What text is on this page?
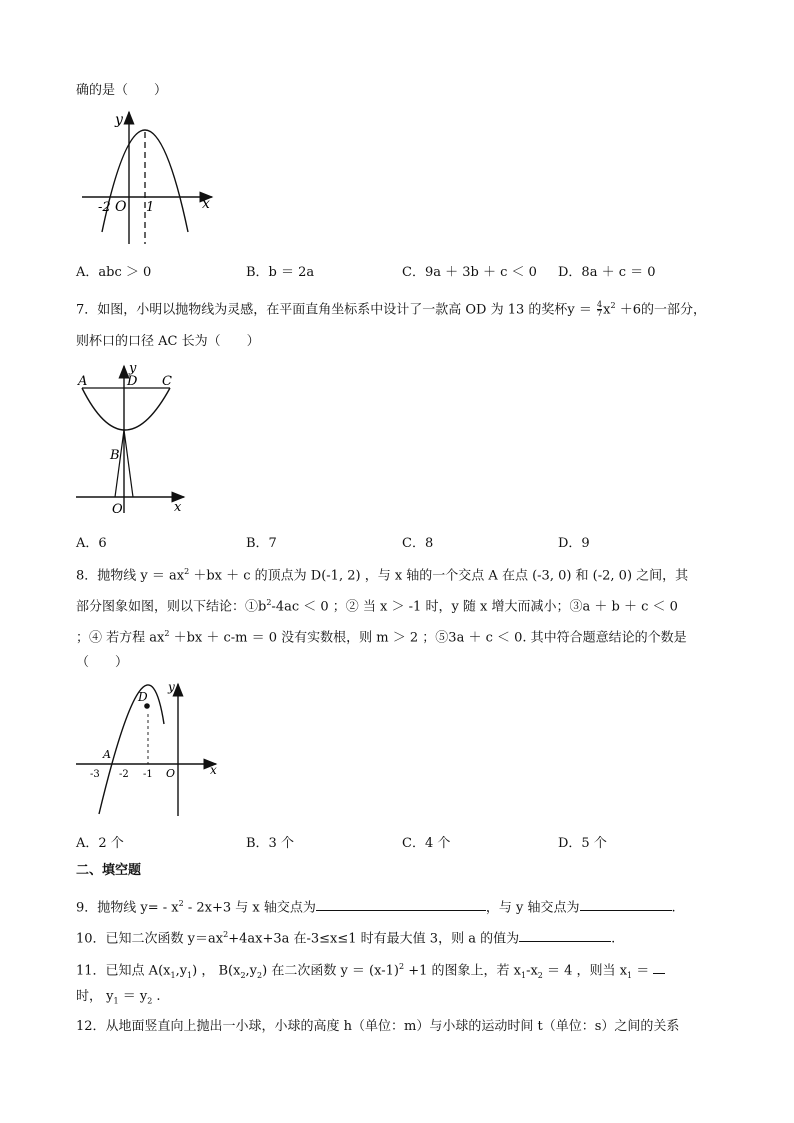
确的是（　　）
y
x
-2 O 1
A．abc ＞ 0	B．b ＝ 2a	C．9a ＋ 3b ＋ c ＜ 0 D．8a ＋ c ＝ 0
7．如图，小明以抛物线为灵感，在平面直角坐标系中设计了一款高 OD 为 13 的奖杯$y = \frac{4}{7} x^2 +6$的一部分，
则杯口的口径 AC 长为（　　）
y
A	D C
B
O	x
A．6	B．7	C．8	D．9
8．抛物线 $y = ax^2 +bx + c$ 的顶点为 D(-1, 2) ，与 x 轴的一个交点 A 在点 (-3, 0) 和 (-2, 0) 之间，其
部分图象如图，则以下结论：$①b^2-4ac < 0$ ；② 当 x ＞ -1 时，y 随 x 增大而减小；③a ＋ b ＋ c ＜ 0
；④ 若方程 $ax^2 +bx + c-m = 0$ 没有实数根，则 m ＞ 2 ；⑤3a ＋ c ＜ 0. 其中符合题意结论的个数是
（　　）
D
y
A
-3 -2 -1 O	x
A．2 个	B．3 个	C．4 个	D．5 个
二、填空题
9．抛物线 $y= - x^2 - 2x+3$ 与 x 轴交点为	，与 y 轴交点为	.
10．已知二次函数 $y=ax^2+4ax+3a$ 在-3≤x≤1 时有最大值 3，则 a 的值为	.
11．已知点 $A(x_1,y_1)$ ， $B(x_2,y_2)$ 在二次函数 $y = (x-1)^2 +1$ 的图象上，若 $x_1-x_2 = 4$ ，则当 $x_1$ ＝
时， $y_1 = y_2$ .
12．从地面竖直向上抛出一小球，小球的高度 h（单位：m）与小球的运动时间 t（单位：s）之间的关系
